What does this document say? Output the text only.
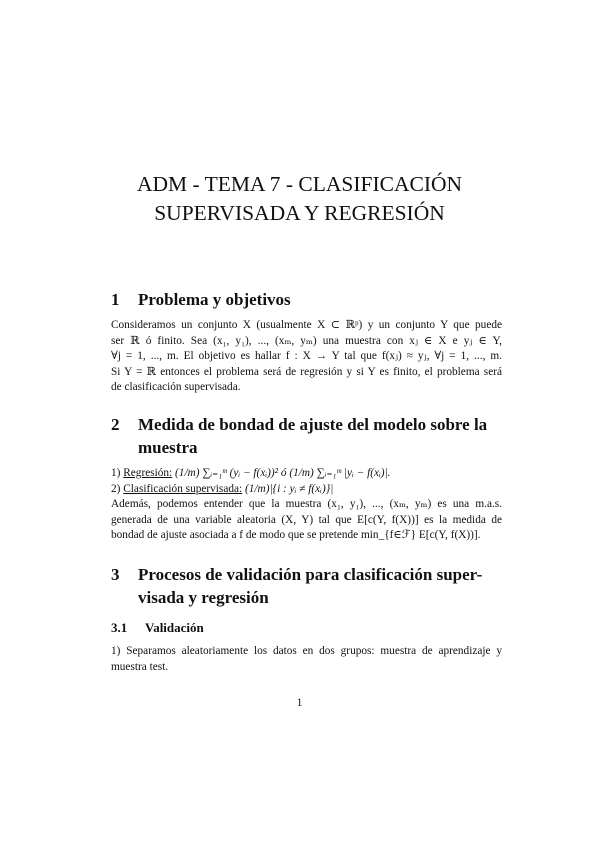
ADM - TEMA 7 - CLASIFICACIÓN
SUPERVISADA Y REGRESIÓN
1 Problema y objetivos
Consideramos un conjunto X (usualmente X ⊂ ℝᵖ) y un conjunto Y que puede
ser ℝ ó finito. Sea (x₁, y₁), ..., (xₘ, yₘ) una muestra con xⱼ ∈ X e yⱼ ∈ Y,
∀j = 1, ..., m. El objetivo es hallar f : X → Y tal que f(xⱼ) ≈ yⱼ, ∀j = 1, ..., m.
Si Y = ℝ entonces el problema será de regresión y si Y es finito, el problema será
de clasificación supervisada.
2 Medida de bondad de ajuste del modelo sobre la
muestra
1) Regresión: (1/m) ∑ᵢ₌₁ᵐ (yᵢ − f(xᵢ))² ó (1/m) ∑ᵢ₌₁ᵐ |yᵢ − f(xᵢ)|.
2) Clasificación supervisada: (1/m)|{i : yᵢ ≠ f(xᵢ)}|
Además, podemos entender que la muestra (x₁, y₁), ..., (xₘ, yₘ) es una m.a.s.
generada de una variable aleatoria (X, Y) tal que E[c(Y, f(X))] es la medida de
bondad de ajuste asociada a f de modo que se pretende min_{f∈ℱ} E[c(Y, f(X))].
3 Procesos de validación para clasificación super-
visada y regresión
3.1 Validación
1) Separamos aleatoriamente los datos en dos grupos: muestra de aprendizaje y
muestra test.
1
